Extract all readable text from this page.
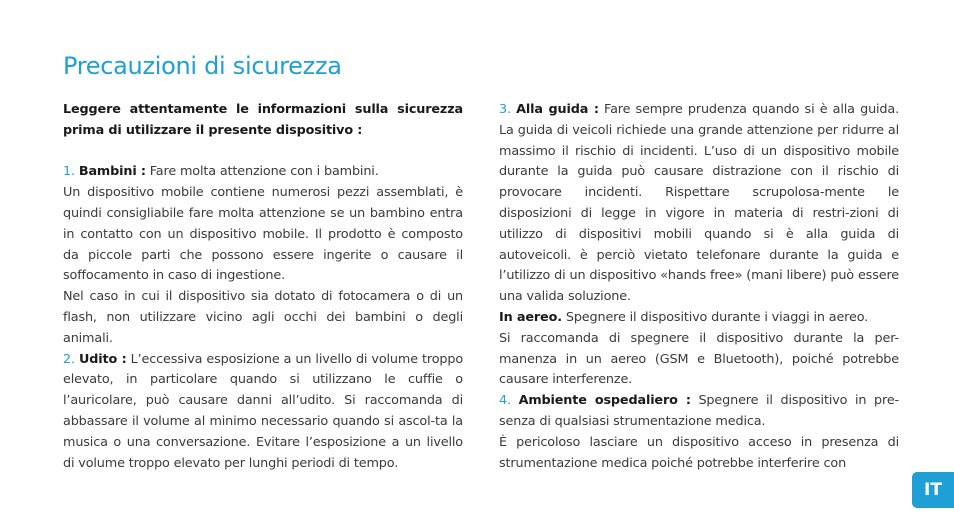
Precauzioni di sicurezza

Leggere attentamente le informazioni sulla sicurezza prima di utilizzare il presente dispositivo :

1. Bambini : Fare molta attenzione con i bambini.

Un dispositivo mobile contiene numerosi pezzi assemblati, è quindi consigliabile fare molta attenzione se un bambino entra in contatto con un dispositivo mobile. Il prodotto è composto da piccole parti che possono essere ingerite o causare il soffocamento in caso di ingestione.

Nel caso in cui il dispositivo sia dotato di fotocamera o di un flash, non utilizzare vicino agli occhi dei bambini o degli animali.

2. Udito : L’eccessiva esposizione a un livello di volume troppo elevato, in particolare quando si utilizzano le cuffie o l’auricolare, può causare danni all’udito. Si raccomanda di abbassare il volume al minimo necessario quando si ascol-ta la musica o una conversazione. Evitare l’esposizione a un livello di volume troppo elevato per lunghi periodi di tempo.

3. Alla guida : Fare sempre prudenza quando si è alla guida. La guida di veicoli richiede una grande attenzione per ridurre al massimo il rischio di incidenti. L’uso di un dispositivo mobile durante la guida può causare distrazione con il rischio di provocare incidenti. Rispettare scrupolosa-mente le disposizioni di legge in vigore in materia di restri-zioni di utilizzo di dispositivi mobili quando si è alla guida di autoveicoli. è perciò vietato telefonare durante la guida e l’utilizzo di un dispositivo «hands free» (mani libere) può essere una valida soluzione.

In aereo. Spegnere il dispositivo durante i viaggi in aereo.

Si raccomanda di spegnere il dispositivo durante la per-manenza in un aereo (GSM e Bluetooth), poiché potrebbe causare interferenze.

4. Ambiente ospedaliero : Spegnere il dispositivo in pre-senza di qualsiasi strumentazione medica.

È pericoloso lasciare un dispositivo acceso in presenza di strumentazione medica poiché potrebbe interferire con

IT
